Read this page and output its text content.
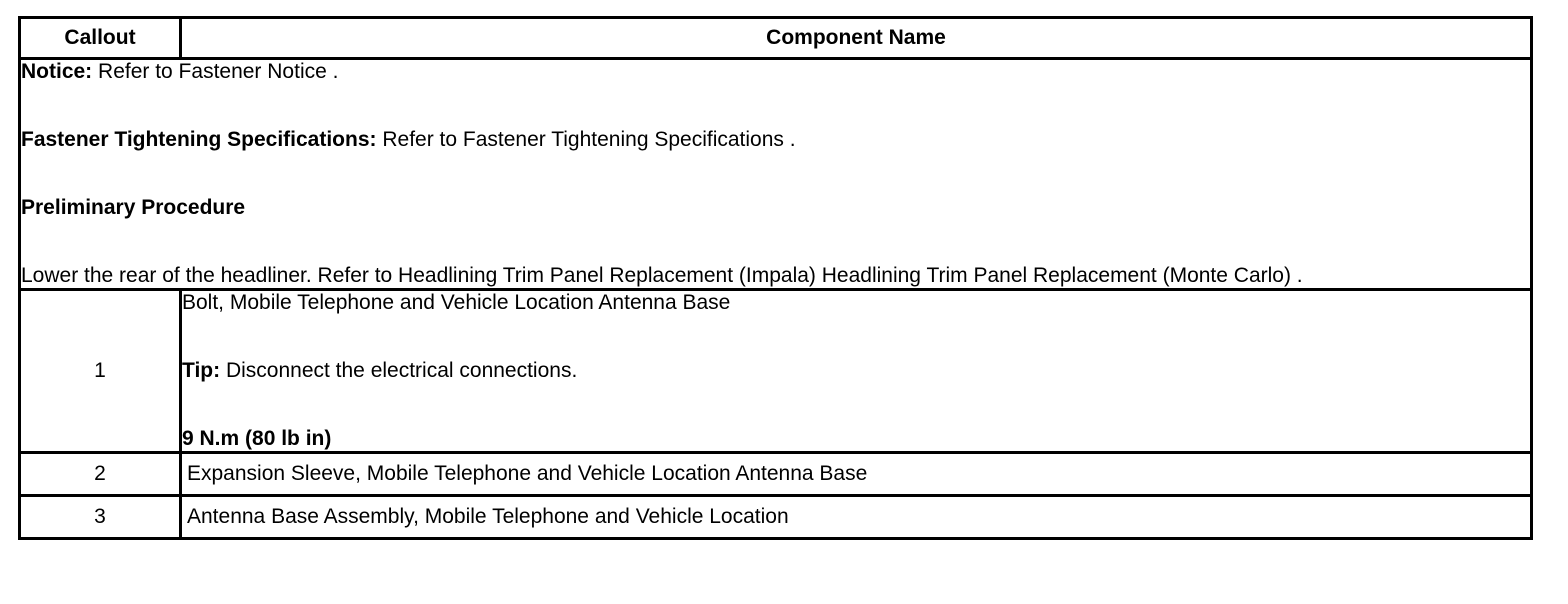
Callout	Component Name

Notice: Refer to Fastener Notice .

Fastener Tightening Specifications: Refer to Fastener Tightening Specifications .

Preliminary Procedure

Lower the rear of the headliner. Refer to Headlining Trim Panel Replacement (Impala) Headlining Trim Panel Replacement (Monte Carlo) .	

1	Bolt, Mobile Telephone and Vehicle Location Antenna Base

Tip: Disconnect the electrical connections.

9 N.m (80 lb in)

2	Expansion Sleeve, Mobile Telephone and Vehicle Location Antenna Base
3	Antenna Base Assembly, Mobile Telephone and Vehicle Location
